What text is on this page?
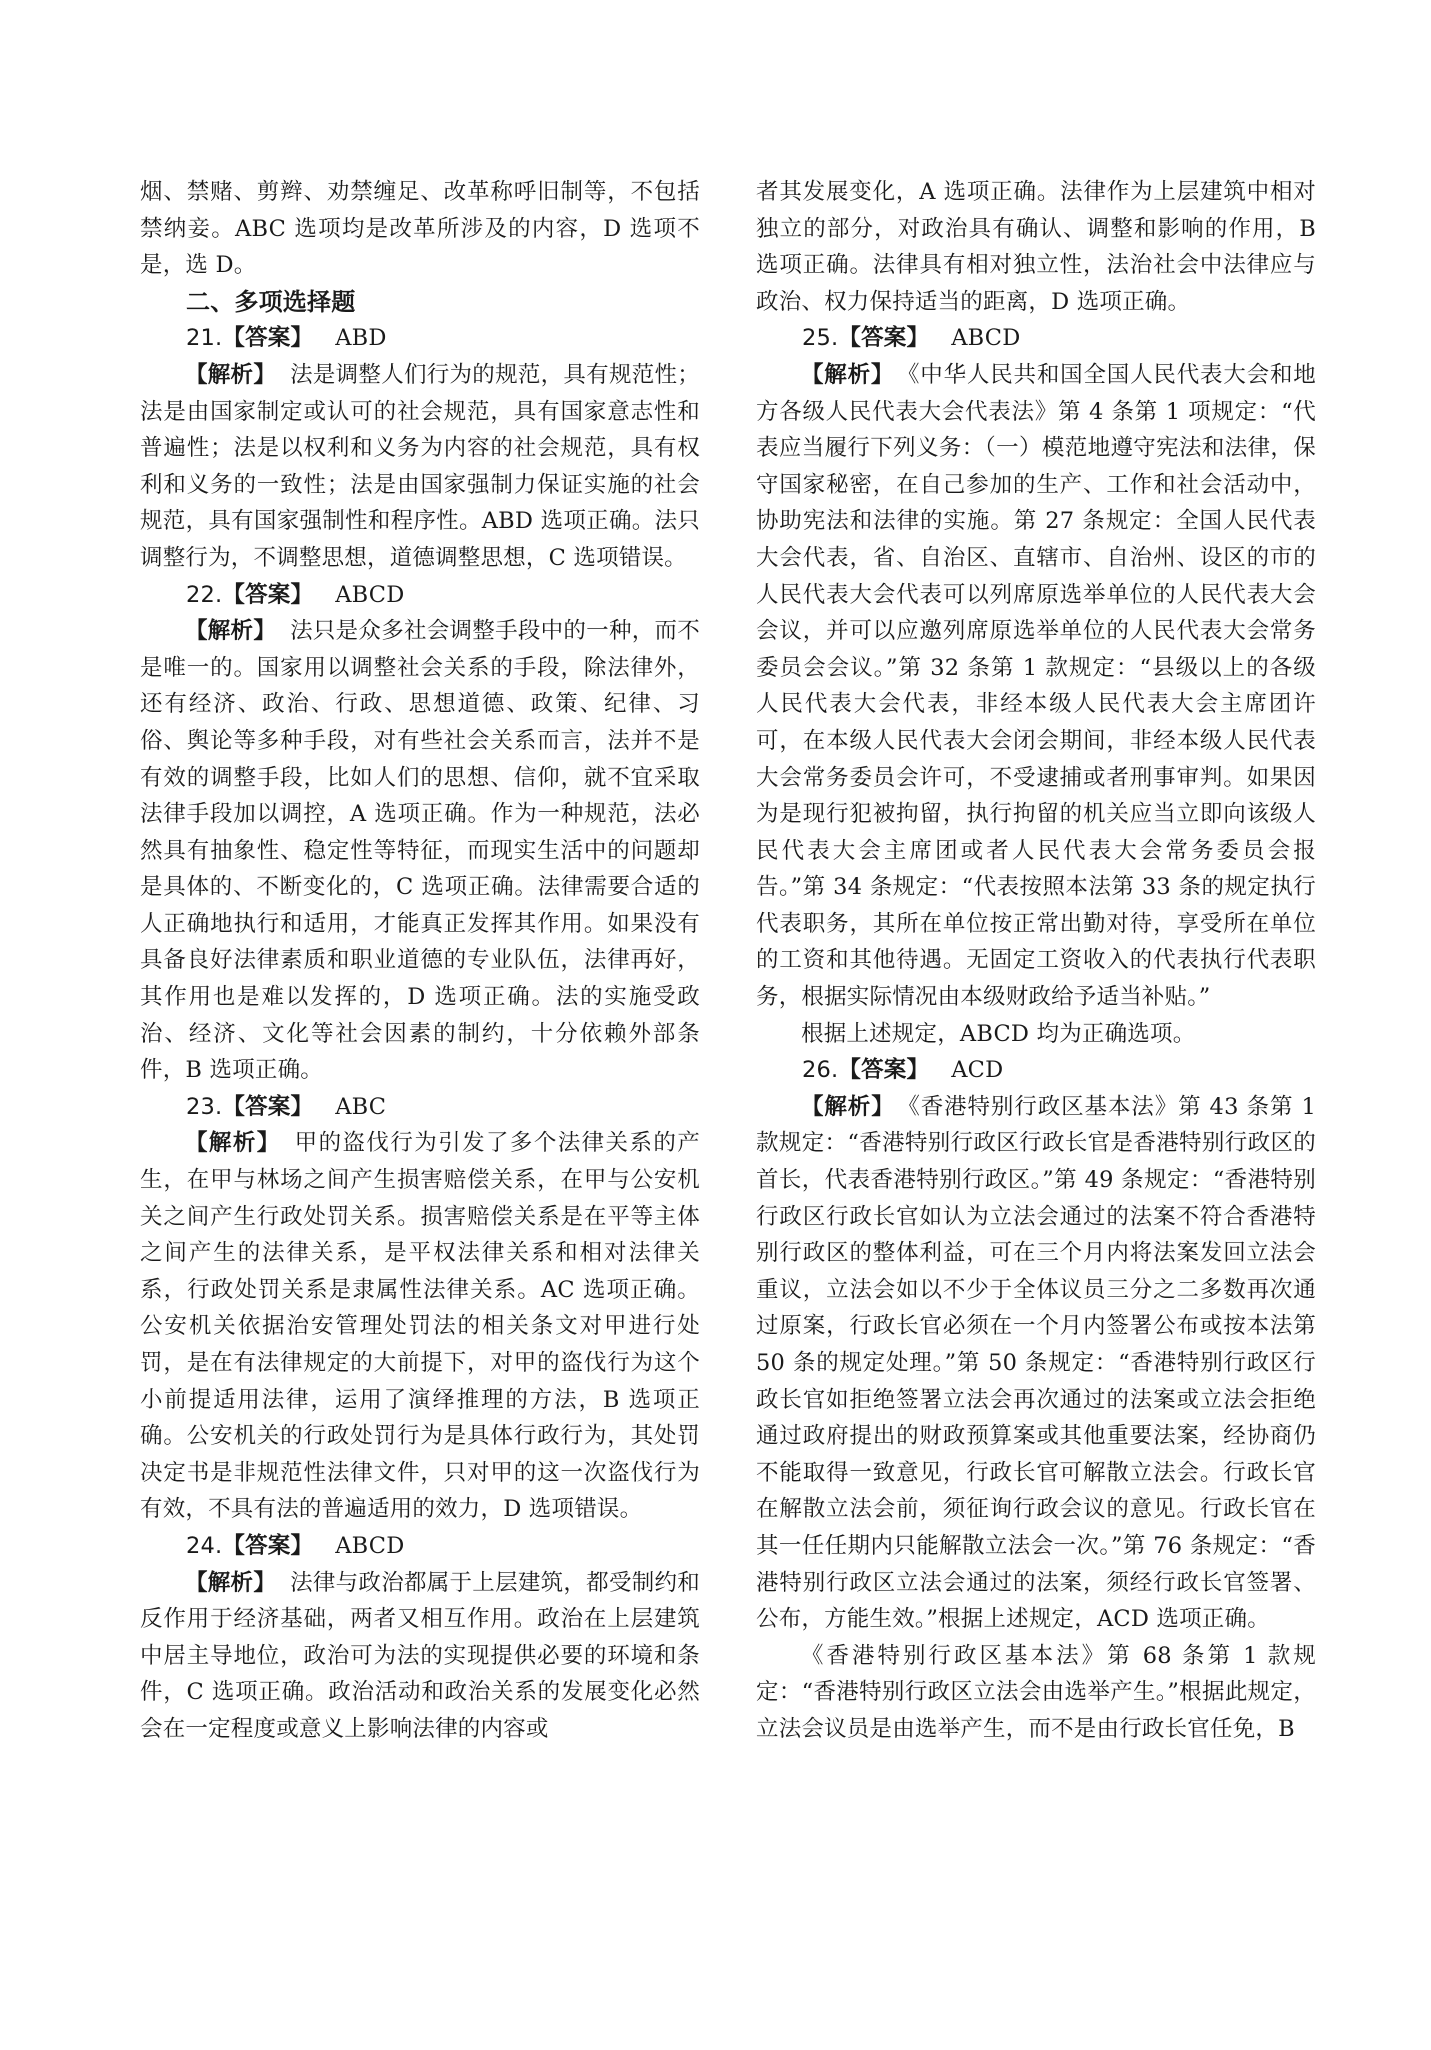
烟、禁赌、剪辫、劝禁缠足、改革称呼旧制等，不包括禁纳妾。ABC 选项均是改革所涉及的内容，D 选项不是，选 D。

二、多项选择题

21.【答案】 ABD

【解析】 法是调整人们行为的规范，具有规范性；法是由国家制定或认可的社会规范，具有国家意志性和普遍性；法是以权利和义务为内容的社会规范，具有权利和义务的一致性；法是由国家强制力保证实施的社会规范，具有国家强制性和程序性。ABD 选项正确。法只调整行为，不调整思想，道德调整思想，C 选项错误。

22.【答案】 ABCD

【解析】 法只是众多社会调整手段中的一种，而不是唯一的。国家用以调整社会关系的手段，除法律外，还有经济、政治、行政、思想道德、政策、纪律、习俗、舆论等多种手段，对有些社会关系而言，法并不是有效的调整手段，比如人们的思想、信仰，就不宜采取法律手段加以调控，A 选项正确。作为一种规范，法必然具有抽象性、稳定性等特征，而现实生活中的问题却是具体的、不断变化的，C 选项正确。法律需要合适的人正确地执行和适用，才能真正发挥其作用。如果没有具备良好法律素质和职业道德的专业队伍，法律再好，其作用也是难以发挥的，D 选项正确。法的实施受政治、经济、文化等社会因素的制约，十分依赖外部条件，B 选项正确。

23.【答案】 ABC

【解析】 甲的盗伐行为引发了多个法律关系的产生，在甲与林场之间产生损害赔偿关系，在甲与公安机关之间产生行政处罚关系。损害赔偿关系是在平等主体之间产生的法律关系，是平权法律关系和相对法律关系，行政处罚关系是隶属性法律关系。AC 选项正确。公安机关依据治安管理处罚法的相关条文对甲进行处罚，是在有法律规定的大前提下，对甲的盗伐行为这个小前提适用法律，运用了演绎推理的方法，B 选项正确。公安机关的行政处罚行为是具体行政行为，其处罚决定书是非规范性法律文件，只对甲的这一次盗伐行为有效，不具有法的普遍适用的效力，D 选项错误。

24.【答案】 ABCD

【解析】 法律与政治都属于上层建筑，都受制约和反作用于经济基础，两者又相互作用。政治在上层建筑中居主导地位，政治可为法的实现提供必要的环境和条件，C 选项正确。政治活动和政治关系的发展变化必然会在一定程度或意义上影响法律的内容或

者其发展变化，A 选项正确。法律作为上层建筑中相对独立的部分，对政治具有确认、调整和影响的作用，B 选项正确。法律具有相对独立性，法治社会中法律应与政治、权力保持适当的距离，D 选项正确。

25.【答案】 ABCD

【解析】 《中华人民共和国全国人民代表大会和地方各级人民代表大会代表法》第 4 条第 1 项规定：“代表应当履行下列义务：（一）模范地遵守宪法和法律，保守国家秘密，在自己参加的生产、工作和社会活动中，协助宪法和法律的实施。第 27 条规定：全国人民代表大会代表，省、自治区、直辖市、自治州、设区的市的人民代表大会代表可以列席原选举单位的人民代表大会会议，并可以应邀列席原选举单位的人民代表大会常务委员会会议。”第 32 条第 1 款规定：“县级以上的各级人民代表大会代表，非经本级人民代表大会主席团许可，在本级人民代表大会闭会期间，非经本级人民代表大会常务委员会许可，不受逮捕或者刑事审判。如果因为是现行犯被拘留，执行拘留的机关应当立即向该级人民代表大会主席团或者人民代表大会常务委员会报告。”第 34 条规定：“代表按照本法第 33 条的规定执行代表职务，其所在单位按正常出勤对待，享受所在单位的工资和其他待遇。无固定工资收入的代表执行代表职务，根据实际情况由本级财政给予适当补贴。”

根据上述规定，ABCD 均为正确选项。

26.【答案】 ACD

【解析】 《香港特别行政区基本法》第 43 条第 1 款规定：“香港特别行政区行政长官是香港特别行政区的首长，代表香港特别行政区。”第 49 条规定：“香港特别行政区行政长官如认为立法会通过的法案不符合香港特别行政区的整体利益，可在三个月内将法案发回立法会重议，立法会如以不少于全体议员三分之二多数再次通过原案，行政长官必须在一个月内签署公布或按本法第 50 条的规定处理。”第 50 条规定：“香港特别行政区行政长官如拒绝签署立法会再次通过的法案或立法会拒绝通过政府提出的财政预算案或其他重要法案，经协商仍不能取得一致意见，行政长官可解散立法会。行政长官在解散立法会前，须征询行政会议的意见。行政长官在其一任任期内只能解散立法会一次。”第 76 条规定：“香港特别行政区立法会通过的法案，须经行政长官签署、公布，方能生效。”根据上述规定，ACD 选项正确。

《香港特别行政区基本法》第 68 条第 1 款规定：“香港特别行政区立法会由选举产生。”根据此规定，立法会议员是由选举产生，而不是由行政长官任免，B
